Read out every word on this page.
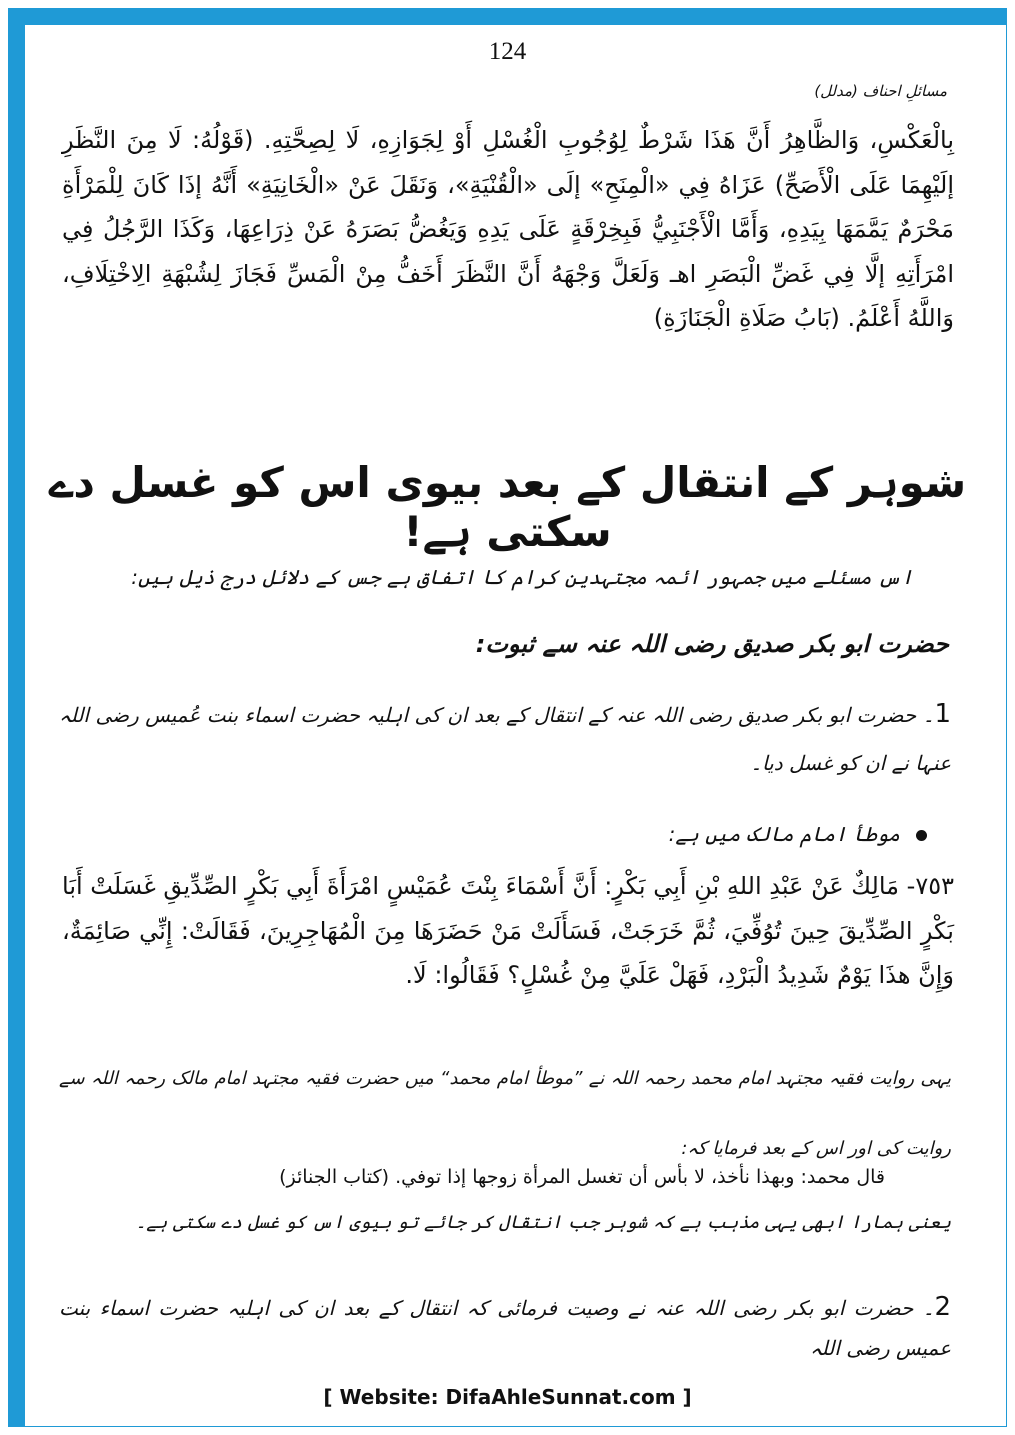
124
مسائلِ احناف (مدلل)

بِالْعَكْسِ، وَالظَّاهِرُ أَنَّ هَذَا شَرْطٌ لِوُجُوبِ الْغُسْلِ أَوْ لِجَوَازِهِ، لَا لِصِحَّتِهِ. (قَوْلُهُ: لَا مِنَ النَّظَرِ إلَيْهِمَا عَلَى الْأَصَحِّ) عَزَاهُ فِي «الْمِنَحِ» إلَى «الْقُنْيَةِ»، وَنَقَلَ عَنْ «الْخَانِيَةِ» أَنَّهُ إذَا كَانَ لِلْمَرْأَةِ مَحْرَمٌ يَمَّمَهَا بِيَدِهِ، وَأَمَّا الْأَجْنَبِيُّ فَبِخِرْقَةٍ عَلَى يَدِهِ وَيَغُضُّ بَصَرَهُ عَنْ ذِرَاعِهَا، وَكَذَا الرَّجُلُ فِي امْرَأَتِهِ إلَّا فِي غَضِّ الْبَصَرِ اهـ وَلَعَلَّ وَجْهَهُ أَنَّ النَّظَرَ أَخَفُّ مِنْ الْمَسِّ فَجَازَ لِشُبْهَةِ الِاخْتِلَافِ، وَاللَّهُ أَعْلَمُ. (بَابُ صَلَاةِ الْجَنَازَةِ)

شوہر کے انتقال کے بعد بیوی اس کو غسل دے سکتی ہے!
اس مسئلے میں جمہور ائمہ مجتہدین کرام کا اتفاق ہے جس کے دلائل درج ذیل ہیں:
حضرت ابو بکر صدیق رضی اللہ عنہ سے ثبوت:
1۔ حضرت ابو بکر صدیق رضی اللہ عنہ کے انتقال کے بعد ان کی اہلیہ حضرت اسماء بنت عُمیس رضی اللہ عنہا نے ان کو غسل دیا۔
موطأ امام مالک میں ہے:

٧٥٣- مَالِكٌ عَنْ عَبْدِ اللهِ بْنِ أَبِي بَكْرٍ: أَنَّ أَسْمَاءَ بِنْتَ عُمَيْسٍ امْرَأَةَ أَبِي بَكْرٍ الصِّدِّيقِ غَسَلَتْ أَبَا بَكْرٍ الصِّدِّيقَ حِينَ تُوُفِّيَ، ثُمَّ خَرَجَتْ، فَسَأَلَتْ مَنْ حَضَرَهَا مِنَ الْمُهَاجِرِينَ، فَقَالَتْ: إِنِّي صَائِمَةٌ، وَإِنَّ هذَا يَوْمٌ شَدِيدُ الْبَرْدِ، فَهَلْ عَلَيَّ مِنْ غُسْلٍ؟ فَقَالُوا: لَا.

یہی روایت فقیہ مجتہد امام محمد رحمہ اللہ نے ”موطأ امام محمد“ میں حضرت فقیہ مجتہد امام مالک رحمہ اللہ سے روایت کی اور اس کے بعد فرمایا کہ:
قال محمد: وبهذا نأخذ، لا بأس أن تغسل المرأة زوجها إذا توفي. (كتاب الجنائز)
یعنی ہمارا ابھی یہی مذہب ہے کہ شوہر جب انتقال کر جائے تو بیوی اس کو غسل دے سکتی ہے۔
2۔ حضرت ابو بکر رضی اللہ عنہ نے وصیت فرمائی کہ انتقال کے بعد ان کی اہلیہ حضرت اسماء بنت عمیس رضی اللہ
[ Website: DifaAhleSunnat.com ]
